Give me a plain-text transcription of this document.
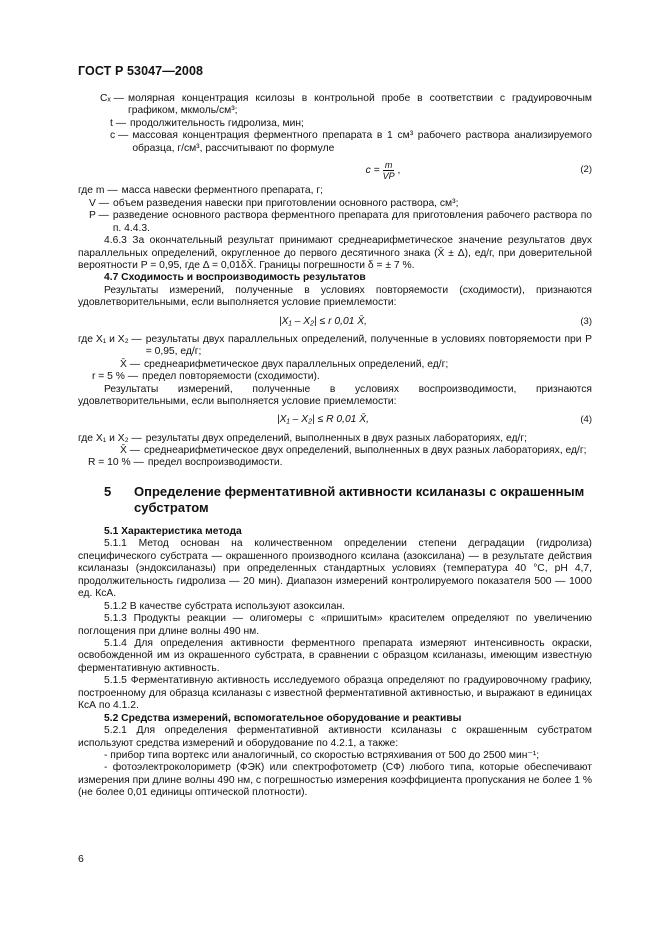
ГОСТ Р 53047—2008
Cₓ — молярная концентрация ксилозы в контрольной пробе в соответствии с градуировочным графиком, мкмоль/см³;
t — продолжительность гидролиза, мин;
c — массовая концентрация ферментного препарата в 1 см³ рабочего раствора анализируемого образца, г/см³, рассчитывают по формуле
$c = \frac{m}{VP}$ ,	(2)
где m — масса навески ферментного препарата, г;
V — объем разведения навески при приготовлении основного раствора, см³;
P — разведение основного раствора ферментного препарата для приготовления рабочего раствора по п. 4.4.3.

4.6.3 За окончательный результат принимают среднеарифметическое значение результатов двух параллельных определений, округленное до первого десятичного знака (X̄ ± Δ), ед/г, при доверительной вероятности P = 0,95, где Δ = 0,01δX̄. Границы погрешности δ = ± 7 %.

4.7 Сходимость и воспроизводимость результатов

Результаты измерений, полученные в условиях повторяемости (сходимости), признаются удовлетворительными, если выполняется условие приемлемости:

|X₁ – X₂| ≤ r 0,01 X̄,	(3)
где X₁ и X₂ — результаты двух параллельных определений, полученные в условиях повторяемости при P = 0,95, ед/г;
X̄ — среднеарифметическое двух параллельных определений, ед/г;
r = 5 % — предел повторяемости (сходимости).

Результаты измерений, полученные в условиях воспроизводимости, признаются удовлетворительными, если выполняется условие приемлемости:

|X₁ – X₂| ≤ R 0,01 X̄,	(4)
где X₁ и X₂ — результаты двух определений, выполненных в двух разных лабораториях, ед/г;
X̄ — среднеарифметическое двух определений, выполненных в двух разных лабораториях, ед/г;
R = 10 % — предел воспроизводимости.
5	Определение ферментативной активности ксиланазы с окрашенным субстратом

5.1 Характеристика метода

5.1.1 Метод основан на количественном определении степени деградации (гидролиза) специфического субстрата — окрашенного производного ксилана (азоксилана) — в результате действия ксиланазы (эндоксиланазы) при определенных стандартных условиях (температура 40 °С, рН 4,7, продолжительность гидролиза — 20 мин). Диапазон измерений контролируемого показателя 500 — 1000 ед. КсА.

5.1.2 В качестве субстрата используют азоксилан.

5.1.3 Продукты реакции — олигомеры с «пришитым» красителем определяют по увеличению поглощения при длине волны 490 нм.

5.1.4 Для определения активности ферментного препарата измеряют интенсивность окраски, освобожденной им из окрашенного субстрата, в сравнении с образцом ксиланазы, имеющим известную ферментативную активность.

5.1.5 Ферментативную активность исследуемого образца определяют по градуировочному графику, построенному для образца ксиланазы с известной ферментативной активностью, и выражают в единицах КсА по 4.1.2.

5.2 Средства измерений, вспомогательное оборудование и реактивы

5.2.1 Для определения ферментативной активности ксиланазы с окрашенным субстратом используют средства измерений и оборудование по 4.2.1, а также:

- прибор типа вортекс или аналогичный, со скоростью встряхивания от 500 до 2500 мин⁻¹;

- фотоэлектроколориметр (ФЭК) или спектрофотометр (СФ) любого типа, которые обеспечивают измерения при длине волны 490 нм, с погрешностью измерения коэффициента пропускания не более 1 % (не более 0,01 единицы оптической плотности).

6
